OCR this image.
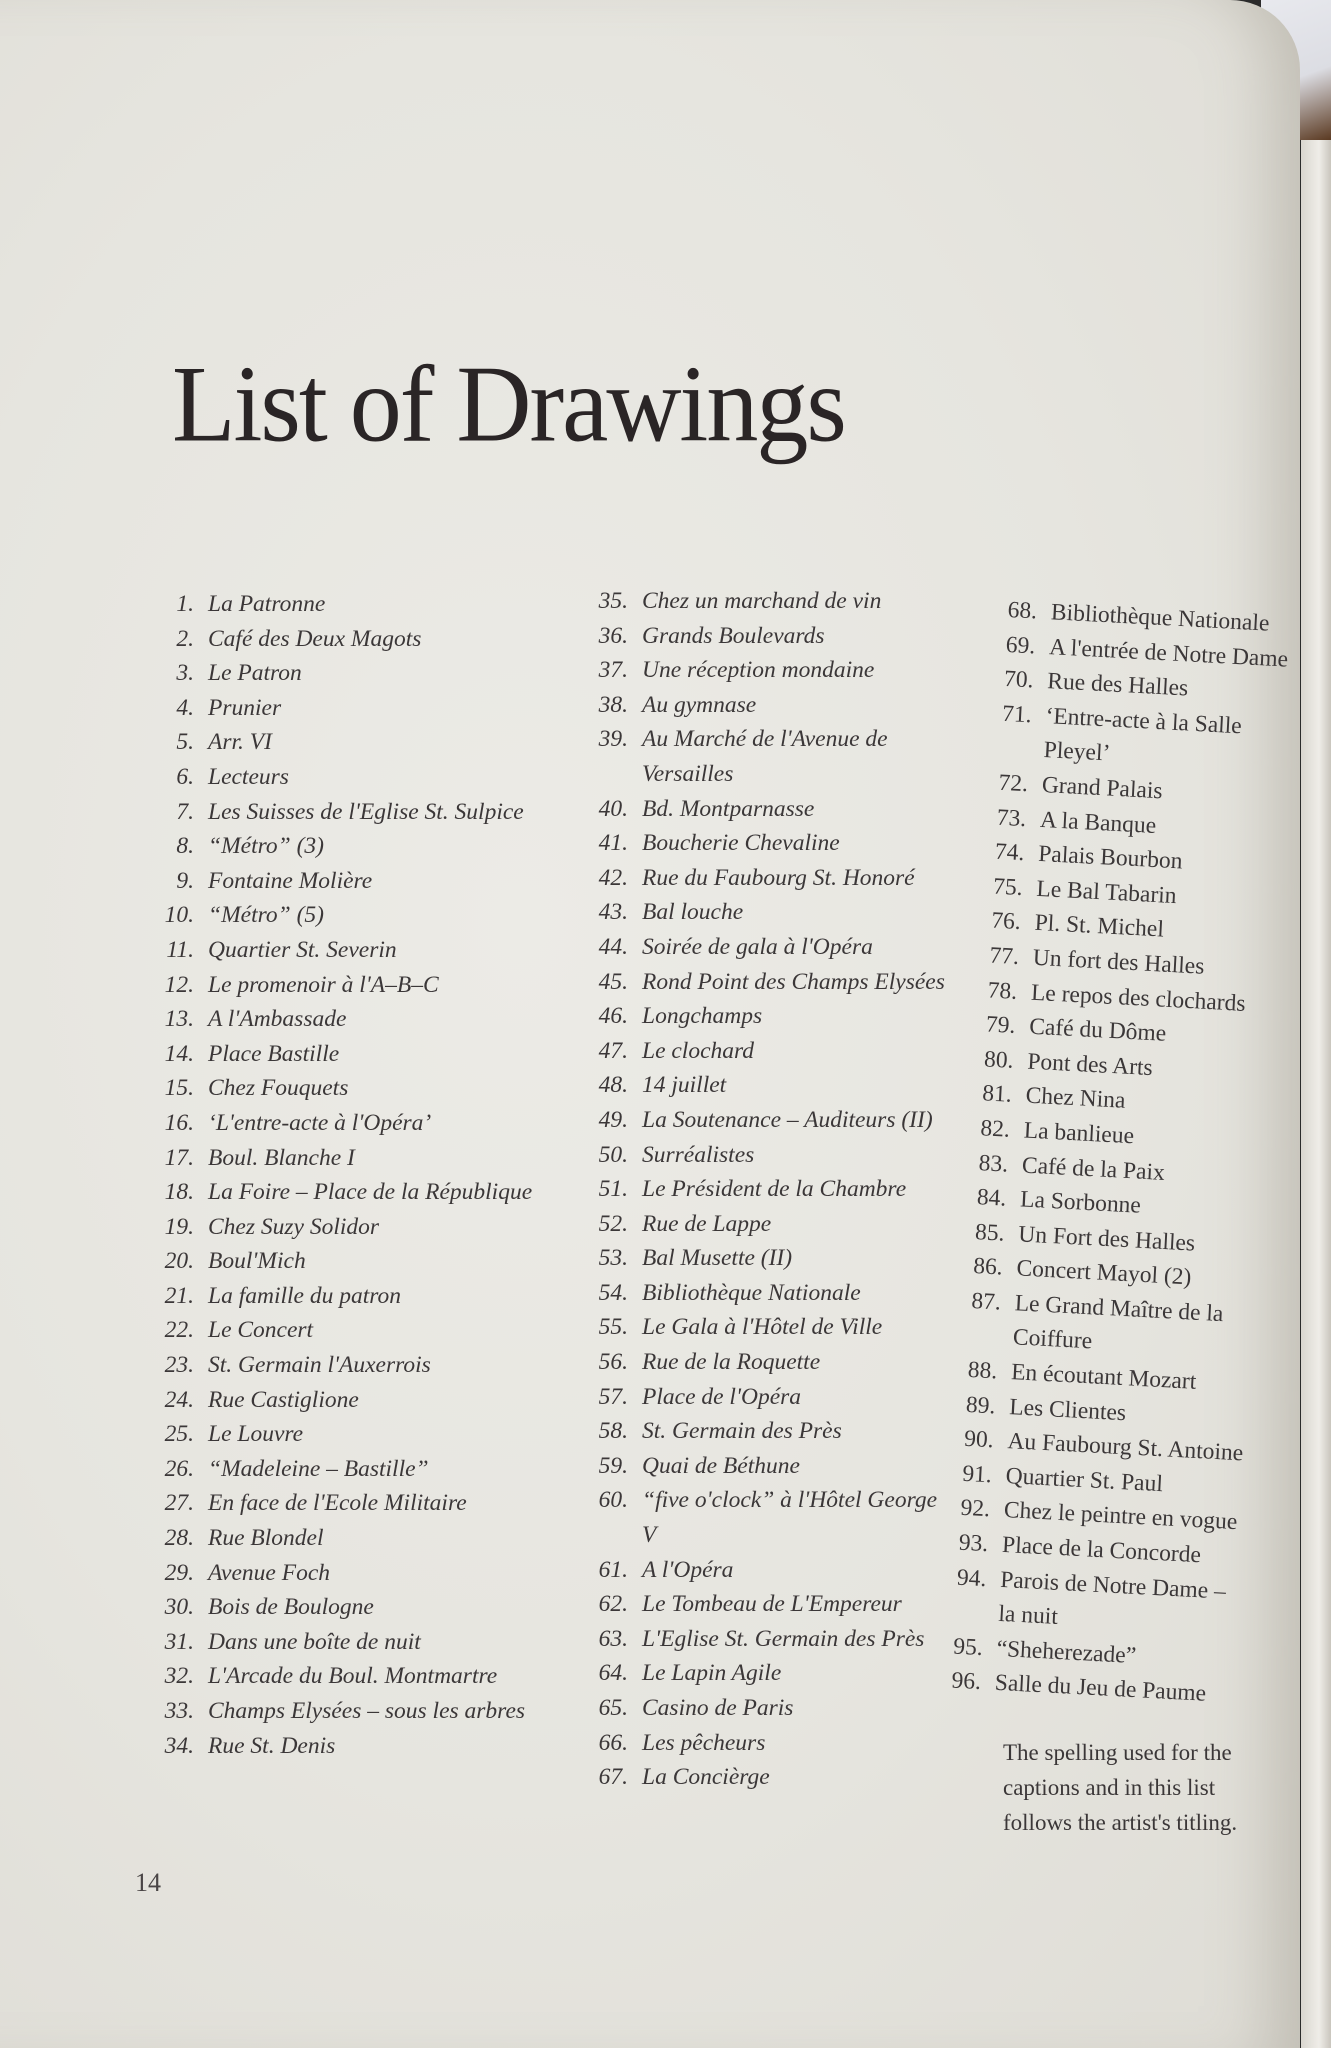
List of Drawings
1. La Patronne
2. Café des Deux Magots
3. Le Patron
4. Prunier
5. Arr. VI
6. Lecteurs
7. Les Suisses de l'Eglise St. Sulpice
8. “Métro” (3)
9. Fontaine Molière
10. “Métro” (5)
11. Quartier St. Severin
12. Le promenoir à l'A–B–C
13. A l'Ambassade
14. Place Bastille
15. Chez Fouquets
16. ‘L'entre-acte à l'Opéra’
17. Boul. Blanche I
18. La Foire – Place de la République
19. Chez Suzy Solidor
20. Boul'Mich
21. La famille du patron
22. Le Concert
23. St. Germain l'Auxerrois
24. Rue Castiglione
25. Le Louvre
26. “Madeleine – Bastille”
27. En face de l'Ecole Militaire
28. Rue Blondel
29. Avenue Foch
30. Bois de Boulogne
31. Dans une boîte de nuit
32. L'Arcade du Boul. Montmartre
33. Champs Elysées – sous les arbres
34. Rue St. Denis
35. Chez un marchand de vin
36. Grands Boulevards
37. Une réception mondaine
38. Au gymnase
39. Au Marché de l'Avenue de Versailles
40. Bd. Montparnasse
41. Boucherie Chevaline
42. Rue du Faubourg St. Honoré
43. Bal louche
44. Soirée de gala à l'Opéra
45. Rond Point des Champs Elysées
46. Longchamps
47. Le clochard
48. 14 juillet
49. La Soutenance – Auditeurs (II)
50. Surréalistes
51. Le Président de la Chambre
52. Rue de Lappe
53. Bal Musette (II)
54. Bibliothèque Nationale
55. Le Gala à l'Hôtel de Ville
56. Rue de la Roquette
57. Place de l'Opéra
58. St. Germain des Près
59. Quai de Béthune
60. “five o'clock” à l'Hôtel George V
61. A l'Opéra
62. Le Tombeau de L'Empereur
63. L'Eglise St. Germain des Près
64. Le Lapin Agile
65. Casino de Paris
66. Les pêcheurs
67. La Concièrge
68. Bibliothèque Nationale
69. A l'entrée de Notre Dame
70. Rue des Halles
71. ‘Entre-acte à la Salle Pleyel’
72. Grand Palais
73. A la Banque
74. Palais Bourbon
75. Le Bal Tabarin
76. Pl. St. Michel
77. Un fort des Halles
78. Le repos des clochards
79. Café du Dôme
80. Pont des Arts
81. Chez Nina
82. La banlieue
83. Café de la Paix
84. La Sorbonne
85. Un Fort des Halles
86. Concert Mayol (2)
87. Le Grand Maître de la Coiffure
88. En écoutant Mozart
89. Les Clientes
90. Au Faubourg St. Antoine
91. Quartier St. Paul
92. Chez le peintre en vogue
93. Place de la Concorde
94. Parois de Notre Dame – la nuit
95. “Sheherezade”
96. Salle du Jeu de Paume
The spelling used for the captions and in this list follows the artist's titling.
14
